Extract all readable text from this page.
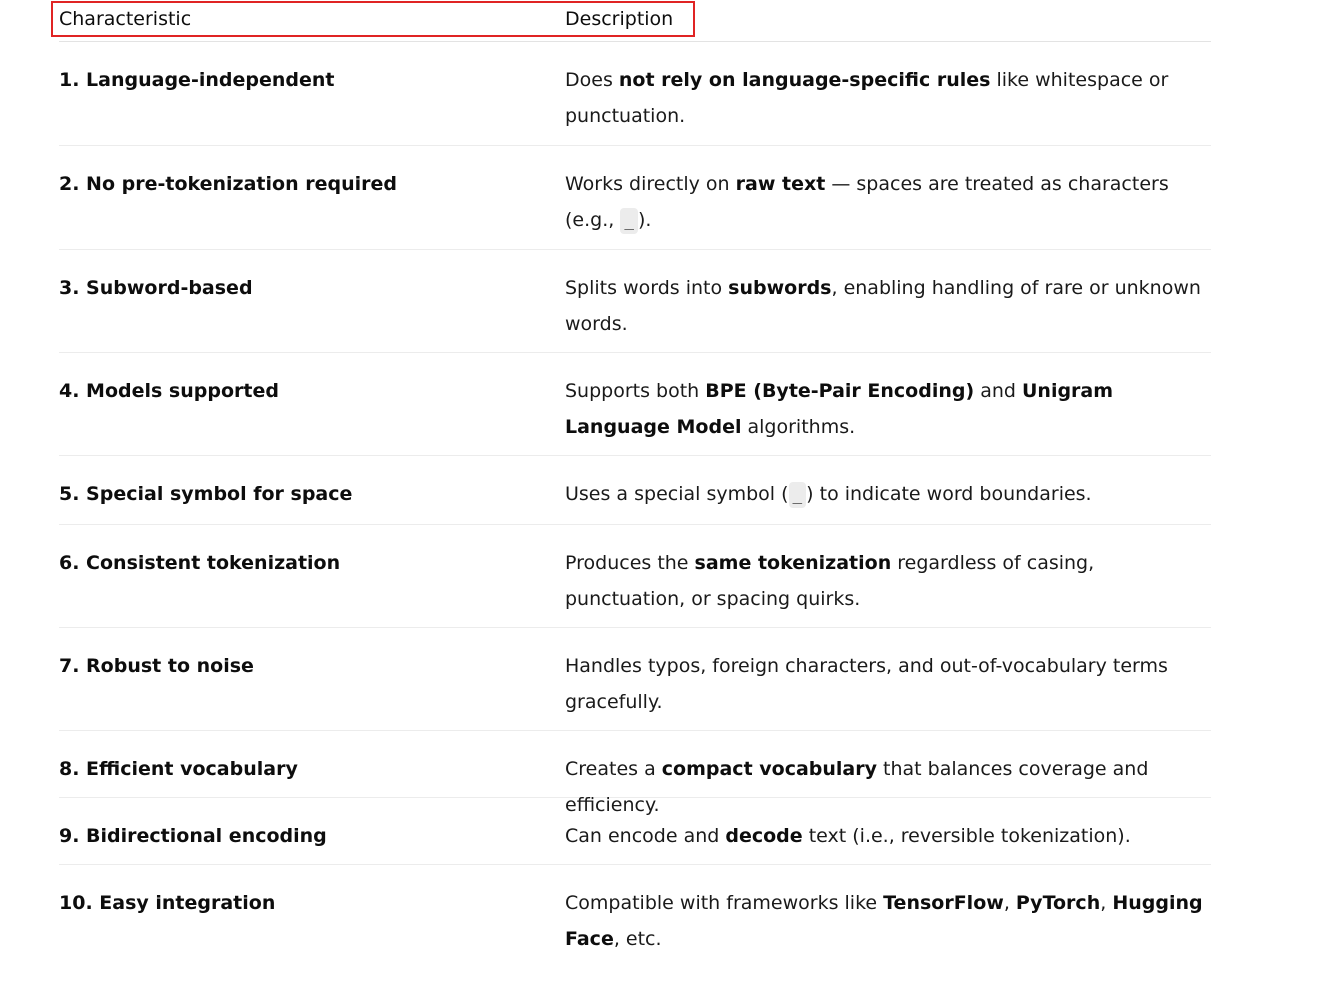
Characteristic	Description
1. Language-independent	Does not rely on language-specific rules like whitespace or punctuation.
2. No pre-tokenization required	Works directly on raw text — spaces are treated as characters (e.g., _ ).
3. Subword-based	Splits words into subwords, enabling handling of rare or unknown words.
4. Models supported	Supports both BPE (Byte-Pair Encoding) and Unigram Language Model algorithms.
5. Special symbol for space	Uses a special symbol ( _ ) to indicate word boundaries.
6. Consistent tokenization	Produces the same tokenization regardless of casing, punctuation, or spacing quirks.
7. Robust to noise	Handles typos, foreign characters, and out-of-vocabulary terms gracefully.
8. Efficient vocabulary	Creates a compact vocabulary that balances coverage and efficiency.
9. Bidirectional encoding	Can encode and decode text (i.e., reversible tokenization).
10. Easy integration	Compatible with frameworks like TensorFlow, PyTorch, Hugging Face, etc.
